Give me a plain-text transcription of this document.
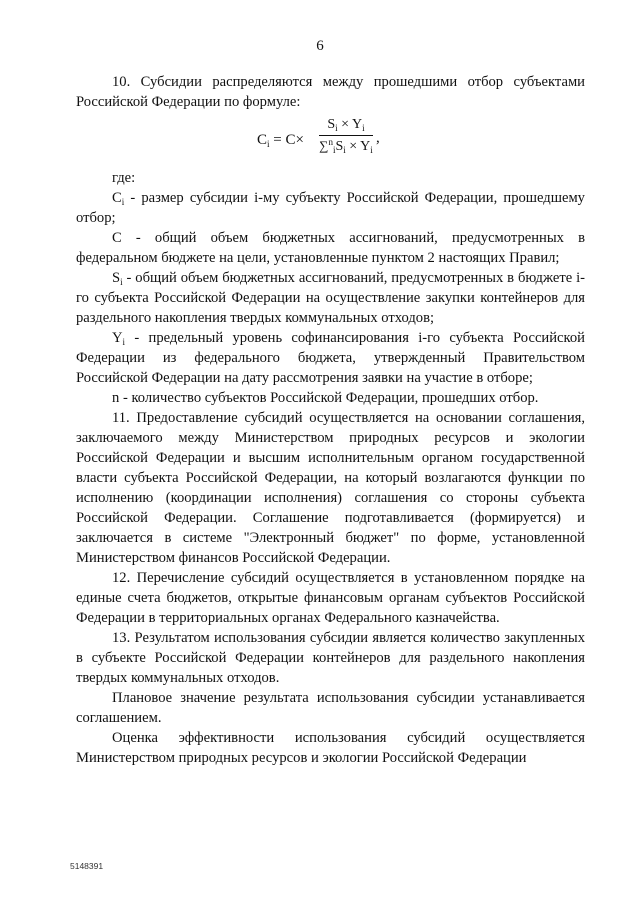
6

10. Субсидии распределяются между прошедшими отбор субъектами Российской Федерации по формуле:

$C_i = C\times$
$S_i \times Y_i$
$\sum^n_iS_i \times Y_i$
,

где:

$C_i$ - размер субсидии i-му субъекту Российской Федерации, прошедшему отбор;

C - общий объем бюджетных ассигнований, предусмотренных в федеральном бюджете на цели, установленные пунктом 2 настоящих Правил;

$S_i$ - общий объем бюджетных ассигнований, предусмотренных в бюджете i-го субъекта Российской Федерации на осуществление закупки контейнеров для раздельного накопления твердых коммунальных отходов;

$Y_i$ - предельный уровень софинансирования i-го субъекта Российской Федерации из федерального бюджета, утвержденный Правительством Российской Федерации на дату рассмотрения заявки на участие в отборе;

n - количество субъектов Российской Федерации, прошедших отбор.

11. Предоставление субсидий осуществляется на основании соглашения, заключаемого между Министерством природных ресурсов и экологии Российской Федерации и высшим исполнительным органом государственной власти субъекта Российской Федерации, на который возлагаются функции по исполнению (координации исполнения) соглашения со стороны субъекта Российской Федерации. Соглашение подготавливается (формируется) и заключается в системе "Электронный бюджет" по форме, установленной Министерством финансов Российской Федерации.

12. Перечисление субсидий осуществляется в установленном порядке на единые счета бюджетов, открытые финансовым органам субъектов Российской Федерации в территориальных органах Федерального казначейства.

13. Результатом использования субсидии является количество закупленных в субъекте Российской Федерации контейнеров для раздельного накопления твердых коммунальных отходов.

Плановое значение результата использования субсидии устанавливается соглашением.

Оценка эффективности использования субсидий осуществляется Министерством природных ресурсов и экологии Российской Федерации

5148391
